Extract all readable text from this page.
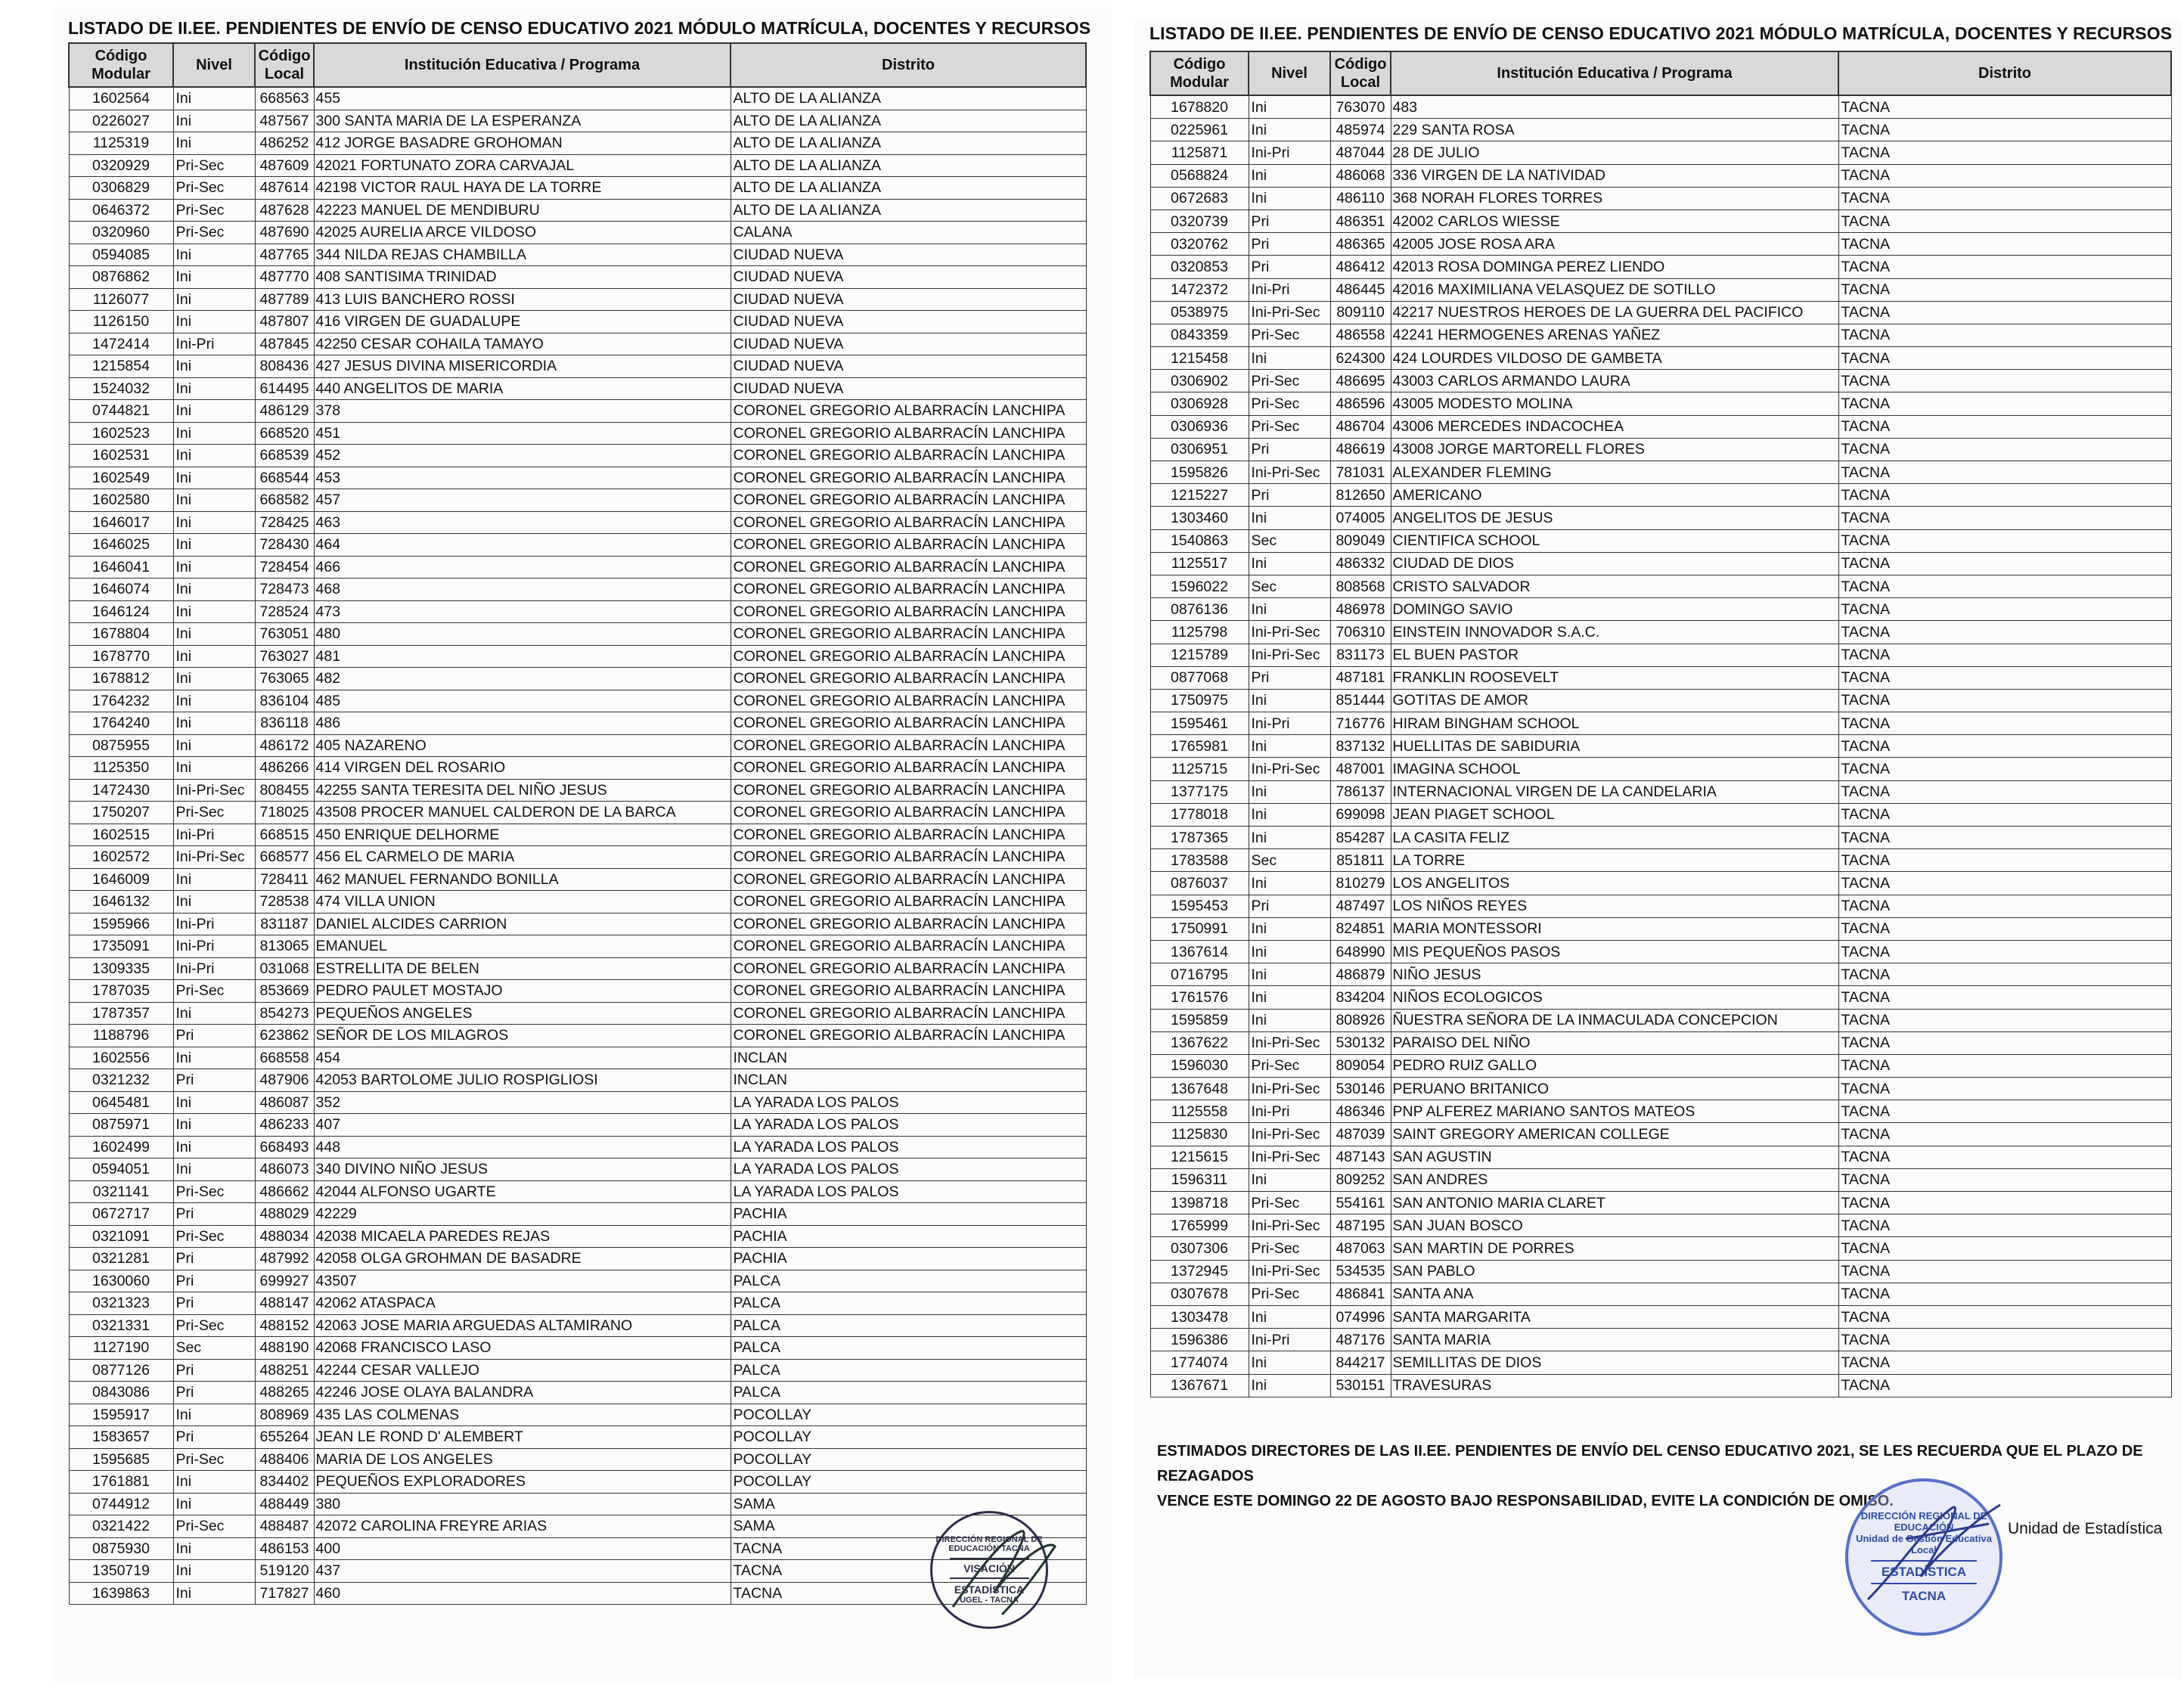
LISTADO DE II.EE. PENDIENTES DE ENVÍO DE CENSO EDUCATIVO 2021 MÓDULO MATRÍCULA, DOCENTES Y RECURSOS
Código Modular	Nivel	Código Local	Institución Educativa / Programa	Distrito
1602564	Ini	668563	455	ALTO DE LA ALIANZA
0226027	Ini	487567	300 SANTA MARIA DE LA ESPERANZA	ALTO DE LA ALIANZA
1125319	Ini	486252	412 JORGE BASADRE GROHOMAN	ALTO DE LA ALIANZA
0320929	Pri-Sec	487609	42021 FORTUNATO ZORA CARVAJAL	ALTO DE LA ALIANZA
0306829	Pri-Sec	487614	42198 VICTOR RAUL HAYA DE LA TORRE	ALTO DE LA ALIANZA
0646372	Pri-Sec	487628	42223 MANUEL DE MENDIBURU	ALTO DE LA ALIANZA
0320960	Pri-Sec	487690	42025 AURELIA ARCE VILDOSO	CALANA
0594085	Ini	487765	344 NILDA REJAS CHAMBILLA	CIUDAD NUEVA
0876862	Ini	487770	408 SANTISIMA TRINIDAD	CIUDAD NUEVA
1126077	Ini	487789	413 LUIS BANCHERO ROSSI	CIUDAD NUEVA
1126150	Ini	487807	416 VIRGEN DE GUADALUPE	CIUDAD NUEVA
1472414	Ini-Pri	487845	42250 CESAR COHAILA TAMAYO	CIUDAD NUEVA
1215854	Ini	808436	427 JESUS DIVINA MISERICORDIA	CIUDAD NUEVA
1524032	Ini	614495	440 ANGELITOS DE MARIA	CIUDAD NUEVA
0744821	Ini	486129	378	CORONEL GREGORIO ALBARRACÍN LANCHIPA
1602523	Ini	668520	451	CORONEL GREGORIO ALBARRACÍN LANCHIPA
1602531	Ini	668539	452	CORONEL GREGORIO ALBARRACÍN LANCHIPA
1602549	Ini	668544	453	CORONEL GREGORIO ALBARRACÍN LANCHIPA
1602580	Ini	668582	457	CORONEL GREGORIO ALBARRACÍN LANCHIPA
1646017	Ini	728425	463	CORONEL GREGORIO ALBARRACÍN LANCHIPA
1646025	Ini	728430	464	CORONEL GREGORIO ALBARRACÍN LANCHIPA
1646041	Ini	728454	466	CORONEL GREGORIO ALBARRACÍN LANCHIPA
1646074	Ini	728473	468	CORONEL GREGORIO ALBARRACÍN LANCHIPA
1646124	Ini	728524	473	CORONEL GREGORIO ALBARRACÍN LANCHIPA
1678804	Ini	763051	480	CORONEL GREGORIO ALBARRACÍN LANCHIPA
1678770	Ini	763027	481	CORONEL GREGORIO ALBARRACÍN LANCHIPA
1678812	Ini	763065	482	CORONEL GREGORIO ALBARRACÍN LANCHIPA
1764232	Ini	836104	485	CORONEL GREGORIO ALBARRACÍN LANCHIPA
1764240	Ini	836118	486	CORONEL GREGORIO ALBARRACÍN LANCHIPA
0875955	Ini	486172	405 NAZARENO	CORONEL GREGORIO ALBARRACÍN LANCHIPA
1125350	Ini	486266	414 VIRGEN DEL ROSARIO	CORONEL GREGORIO ALBARRACÍN LANCHIPA
1472430	Ini-Pri-Sec	808455	42255 SANTA TERESITA DEL NIÑO JESUS	CORONEL GREGORIO ALBARRACÍN LANCHIPA
1750207	Pri-Sec	718025	43508 PROCER MANUEL CALDERON DE LA BARCA	CORONEL GREGORIO ALBARRACÍN LANCHIPA
1602515	Ini-Pri	668515	450 ENRIQUE DELHORME	CORONEL GREGORIO ALBARRACÍN LANCHIPA
1602572	Ini-Pri-Sec	668577	456 EL CARMELO DE MARIA	CORONEL GREGORIO ALBARRACÍN LANCHIPA
1646009	Ini	728411	462 MANUEL FERNANDO BONILLA	CORONEL GREGORIO ALBARRACÍN LANCHIPA
1646132	Ini	728538	474 VILLA UNION	CORONEL GREGORIO ALBARRACÍN LANCHIPA
1595966	Ini-Pri	831187	DANIEL ALCIDES CARRION	CORONEL GREGORIO ALBARRACÍN LANCHIPA
1735091	Ini-Pri	813065	EMANUEL	CORONEL GREGORIO ALBARRACÍN LANCHIPA
1309335	Ini-Pri	031068	ESTRELLITA DE BELEN	CORONEL GREGORIO ALBARRACÍN LANCHIPA
1787035	Pri-Sec	853669	PEDRO PAULET MOSTAJO	CORONEL GREGORIO ALBARRACÍN LANCHIPA
1787357	Ini	854273	PEQUEÑOS ANGELES	CORONEL GREGORIO ALBARRACÍN LANCHIPA
1188796	Pri	623862	SEÑOR DE LOS MILAGROS	CORONEL GREGORIO ALBARRACÍN LANCHIPA
1602556	Ini	668558	454	INCLAN
0321232	Pri	487906	42053 BARTOLOME JULIO ROSPIGLIOSI	INCLAN
0645481	Ini	486087	352	LA YARADA LOS PALOS
0875971	Ini	486233	407	LA YARADA LOS PALOS
1602499	Ini	668493	448	LA YARADA LOS PALOS
0594051	Ini	486073	340 DIVINO NIÑO JESUS	LA YARADA LOS PALOS
0321141	Pri-Sec	486662	42044 ALFONSO UGARTE	LA YARADA LOS PALOS
0672717	Pri	488029	42229	PACHIA
0321091	Pri-Sec	488034	42038 MICAELA PAREDES REJAS	PACHIA
0321281	Pri	487992	42058 OLGA GROHMAN DE BASADRE	PACHIA
1630060	Pri	699927	43507	PALCA
0321323	Pri	488147	42062 ATASPACA	PALCA
0321331	Pri-Sec	488152	42063 JOSE MARIA ARGUEDAS ALTAMIRANO	PALCA
1127190	Sec	488190	42068 FRANCISCO LASO	PALCA
0877126	Pri	488251	42244 CESAR VALLEJO	PALCA
0843086	Pri	488265	42246 JOSE OLAYA BALANDRA	PALCA
1595917	Ini	808969	435 LAS COLMENAS	POCOLLAY
1583657	Pri	655264	JEAN LE ROND D' ALEMBERT	POCOLLAY
1595685	Pri-Sec	488406	MARIA DE LOS ANGELES	POCOLLAY
1761881	Ini	834402	PEQUEÑOS EXPLORADORES	POCOLLAY
0744912	Ini	488449	380	SAMA
0321422	Pri-Sec	488487	42072 CAROLINA FREYRE ARIAS	SAMA
0875930	Ini	486153	400	TACNA
1350719	Ini	519120	437	TACNA
1639863	Ini	717827	460	TACNA
DIRECCIÓN REGIONAL DE EDUCACIÓN TACNA
VISACIÓN
ESTADÍSTICA
UGEL - TACNA
LISTADO DE II.EE. PENDIENTES DE ENVÍO DE CENSO EDUCATIVO 2021 MÓDULO MATRÍCULA, DOCENTES Y RECURSOS
Código Modular	Nivel	Código Local	Institución Educativa / Programa	Distrito
1678820	Ini	763070	483	TACNA
0225961	Ini	485974	229 SANTA ROSA	TACNA
1125871	Ini-Pri	487044	28 DE JULIO	TACNA
0568824	Ini	486068	336 VIRGEN DE LA NATIVIDAD	TACNA
0672683	Ini	486110	368 NORAH FLORES TORRES	TACNA
0320739	Pri	486351	42002 CARLOS WIESSE	TACNA
0320762	Pri	486365	42005 JOSE ROSA ARA	TACNA
0320853	Pri	486412	42013 ROSA DOMINGA PEREZ LIENDO	TACNA
1472372	Ini-Pri	486445	42016 MAXIMILIANA VELASQUEZ DE SOTILLO	TACNA
0538975	Ini-Pri-Sec	809110	42217 NUESTROS HEROES DE LA GUERRA DEL PACIFICO	TACNA
0843359	Pri-Sec	486558	42241 HERMOGENES ARENAS YAÑEZ	TACNA
1215458	Ini	624300	424 LOURDES VILDOSO DE GAMBETA	TACNA
0306902	Pri-Sec	486695	43003 CARLOS ARMANDO LAURA	TACNA
0306928	Pri-Sec	486596	43005 MODESTO MOLINA	TACNA
0306936	Pri-Sec	486704	43006 MERCEDES INDACOCHEA	TACNA
0306951	Pri	486619	43008 JORGE MARTORELL FLORES	TACNA
1595826	Ini-Pri-Sec	781031	ALEXANDER FLEMING	TACNA
1215227	Pri	812650	AMERICANO	TACNA
1303460	Ini	074005	ANGELITOS DE JESUS	TACNA
1540863	Sec	809049	CIENTIFICA SCHOOL	TACNA
1125517	Ini	486332	CIUDAD DE DIOS	TACNA
1596022	Sec	808568	CRISTO SALVADOR	TACNA
0876136	Ini	486978	DOMINGO SAVIO	TACNA
1125798	Ini-Pri-Sec	706310	EINSTEIN INNOVADOR S.A.C.	TACNA
1215789	Ini-Pri-Sec	831173	EL BUEN PASTOR	TACNA
0877068	Pri	487181	FRANKLIN ROOSEVELT	TACNA
1750975	Ini	851444	GOTITAS DE AMOR	TACNA
1595461	Ini-Pri	716776	HIRAM BINGHAM SCHOOL	TACNA
1765981	Ini	837132	HUELLITAS DE SABIDURIA	TACNA
1125715	Ini-Pri-Sec	487001	IMAGINA SCHOOL	TACNA
1377175	Ini	786137	INTERNACIONAL VIRGEN DE LA CANDELARIA	TACNA
1778018	Ini	699098	JEAN PIAGET SCHOOL	TACNA
1787365	Ini	854287	LA CASITA FELIZ	TACNA
1783588	Sec	851811	LA TORRE	TACNA
0876037	Ini	810279	LOS ANGELITOS	TACNA
1595453	Pri	487497	LOS NIÑOS REYES	TACNA
1750991	Ini	824851	MARIA MONTESSORI	TACNA
1367614	Ini	648990	MIS PEQUEÑOS PASOS	TACNA
0716795	Ini	486879	NIÑO JESUS	TACNA
1761576	Ini	834204	NIÑOS ECOLOGICOS	TACNA
1595859	Ini	808926	ÑUESTRA SEÑORA DE LA INMACULADA CONCEPCION	TACNA
1367622	Ini-Pri-Sec	530132	PARAISO DEL NIÑO	TACNA
1596030	Pri-Sec	809054	PEDRO RUIZ GALLO	TACNA
1367648	Ini-Pri-Sec	530146	PERUANO BRITANICO	TACNA
1125558	Ini-Pri	486346	PNP ALFEREZ MARIANO SANTOS MATEOS	TACNA
1125830	Ini-Pri-Sec	487039	SAINT GREGORY AMERICAN COLLEGE	TACNA
1215615	Ini-Pri-Sec	487143	SAN AGUSTIN	TACNA
1596311	Ini	809252	SAN ANDRES	TACNA
1398718	Pri-Sec	554161	SAN ANTONIO MARIA CLARET	TACNA
1765999	Ini-Pri-Sec	487195	SAN JUAN BOSCO	TACNA
0307306	Pri-Sec	487063	SAN MARTIN DE PORRES	TACNA
1372945	Ini-Pri-Sec	534535	SAN PABLO	TACNA
0307678	Pri-Sec	486841	SANTA ANA	TACNA
1303478	Ini	074996	SANTA MARGARITA	TACNA
1596386	Ini-Pri	487176	SANTA MARIA	TACNA
1774074	Ini	844217	SEMILLITAS DE DIOS	TACNA
1367671	Ini	530151	TRAVESURAS	TACNA
ESTIMADOS DIRECTORES DE LAS II.EE. PENDIENTES DE ENVÍO DEL CENSO EDUCATIVO 2021, SE LES RECUERDA QUE EL PLAZO DE REZAGADOS
VENCE ESTE DOMINGO 22 DE AGOSTO BAJO RESPONSABILIDAD, EVITE LA CONDICIÓN DE OMISO.
DIRECCIÓN REGIONAL DE EDUCACIÓN
Unidad de Gestión Educativa Local
ESTADÍSTICA
TACNA
Unidad de Estadística
